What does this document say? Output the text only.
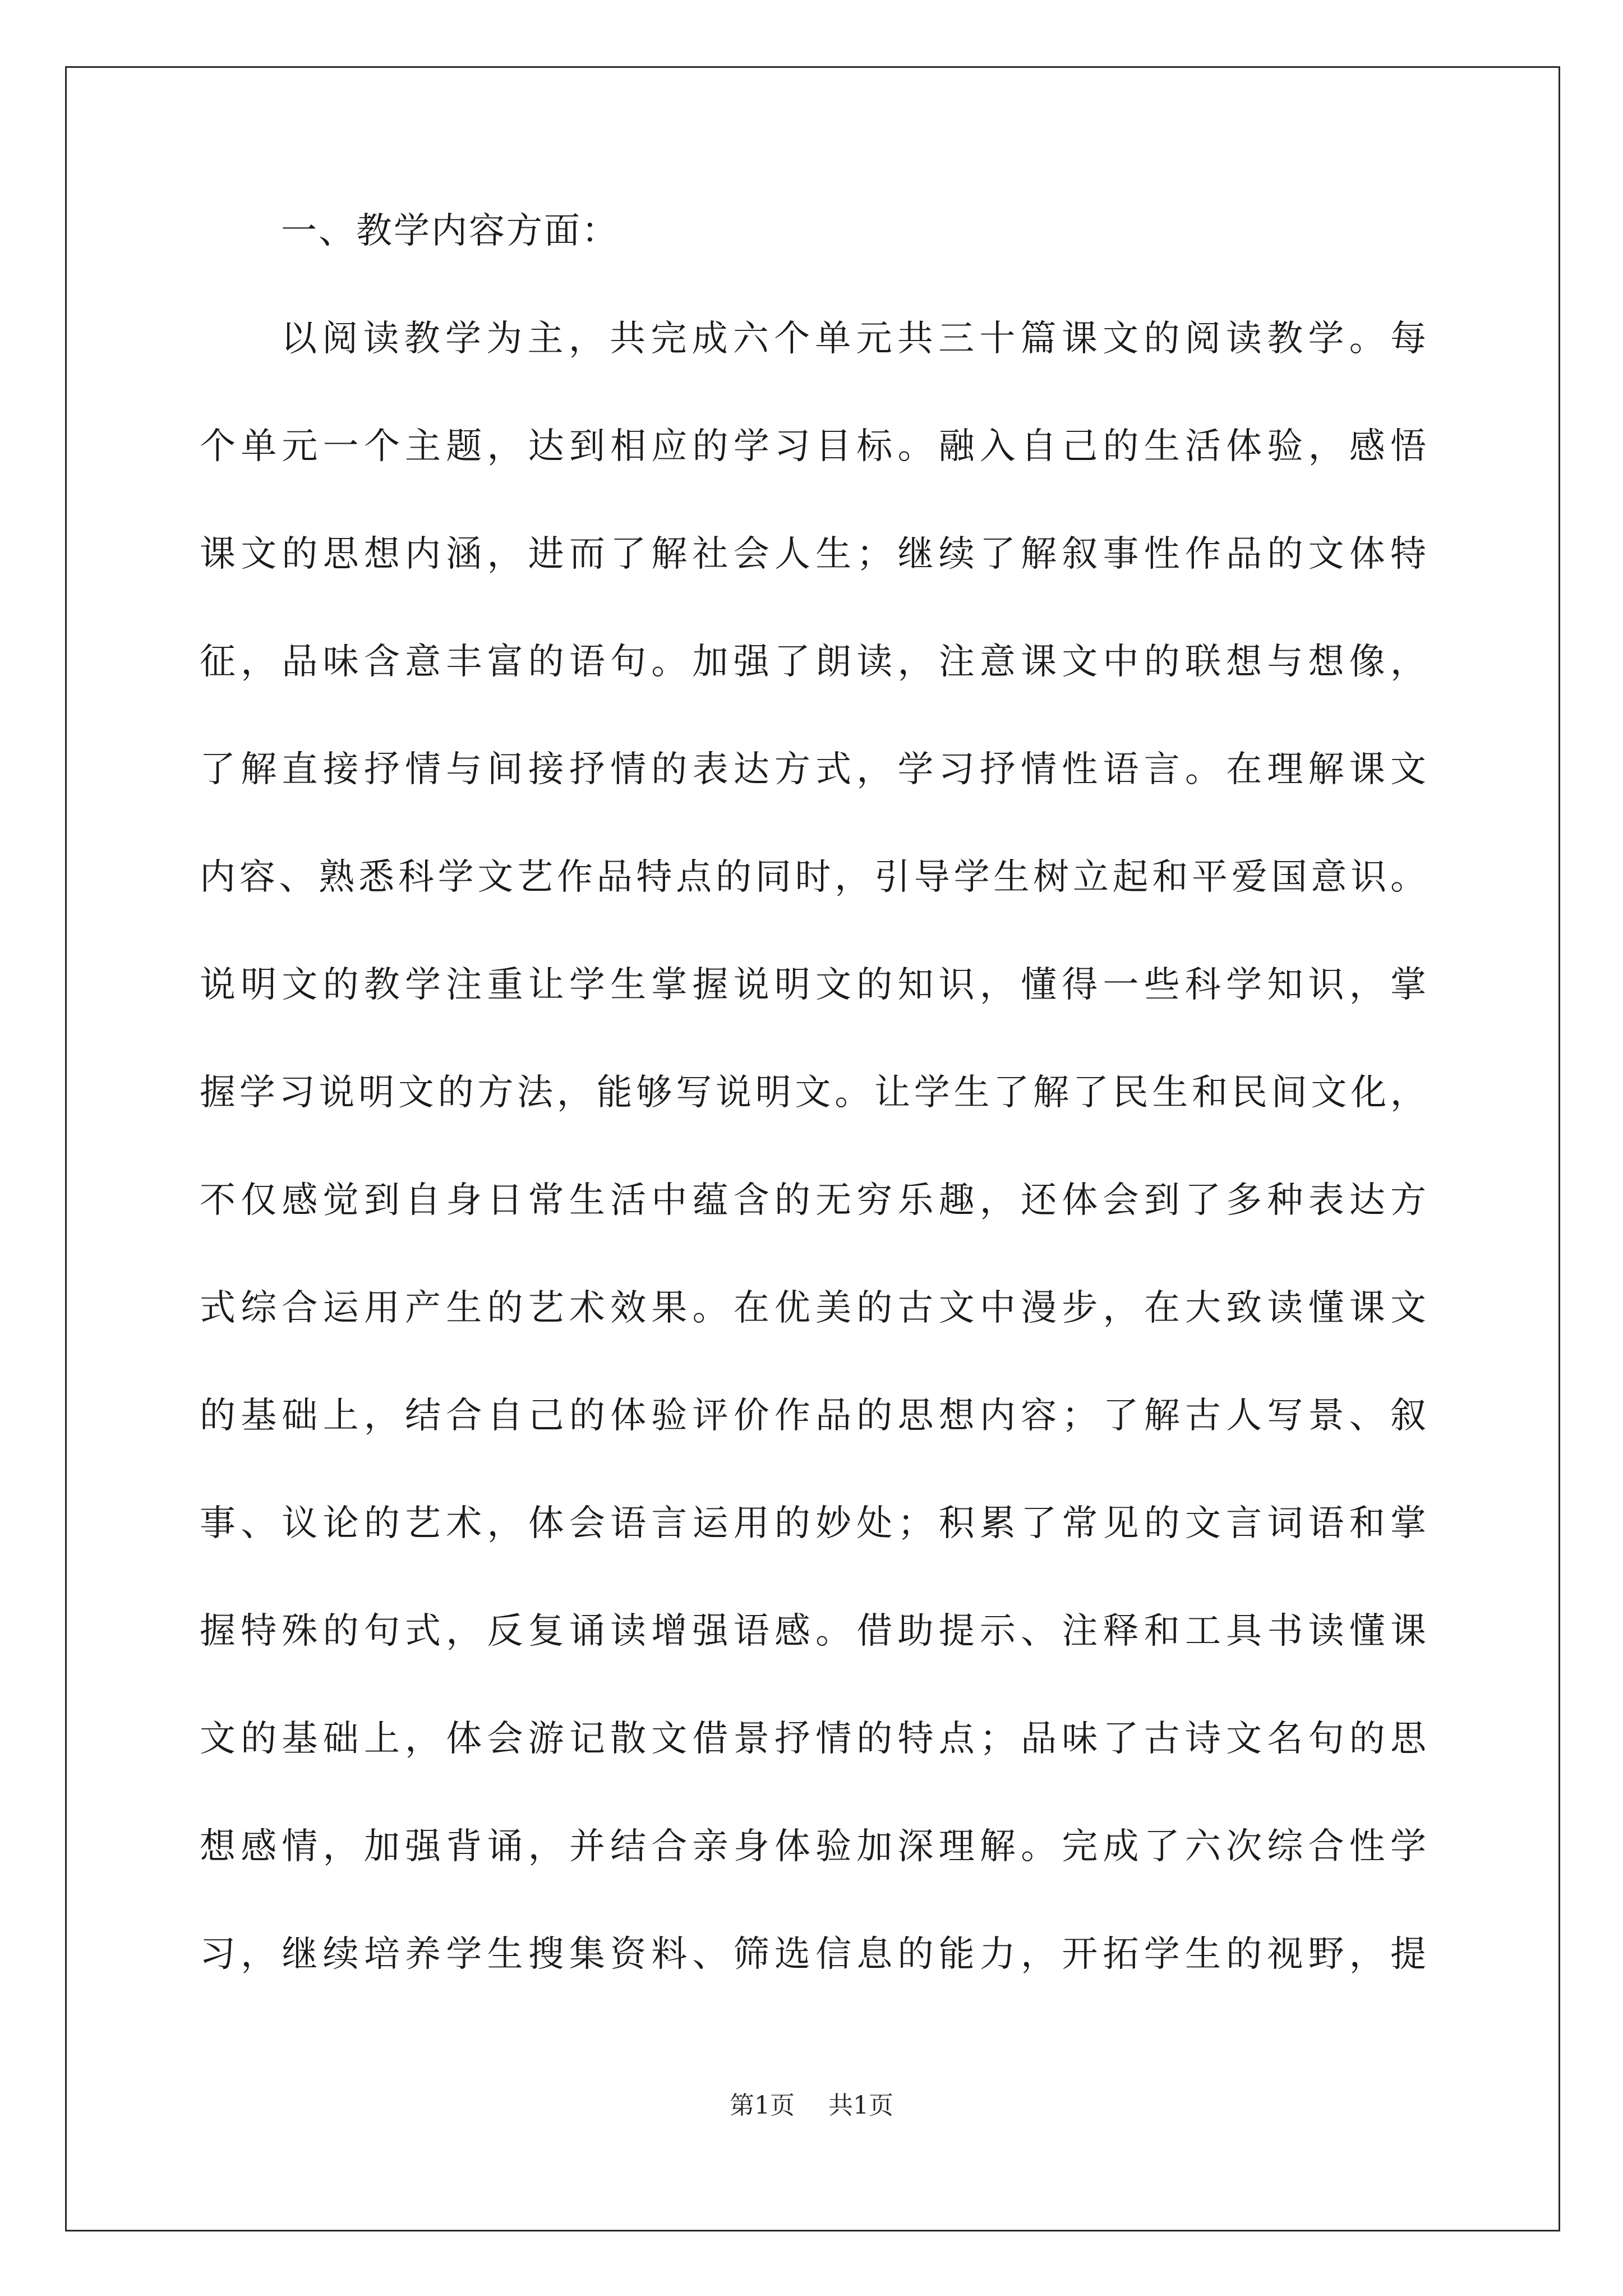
一、教学内容方面：
以阅读教学为主，共完成六个单元共三十篇课文的阅读教学。每
个单元一个主题，达到相应的学习目标。融入自己的生活体验，感悟
课文的思想内涵，进而了解社会人生；继续了解叙事性作品的文体特
征，品味含意丰富的语句。加强了朗读，注意课文中的联想与想像，
了解直接抒情与间接抒情的表达方式，学习抒情性语言。在理解课文
内容、熟悉科学文艺作品特点的同时，引导学生树立起和平爱国意识。
说明文的教学注重让学生掌握说明文的知识，懂得一些科学知识，掌
握学习说明文的方法，能够写说明文。让学生了解了民生和民间文化，
不仅感觉到自身日常生活中蕴含的无穷乐趣，还体会到了多种表达方
式综合运用产生的艺术效果。在优美的古文中漫步，在大致读懂课文
的基础上，结合自己的体验评价作品的思想内容；了解古人写景、叙
事、议论的艺术，体会语言运用的妙处；积累了常见的文言词语和掌
握特殊的句式，反复诵读增强语感。借助提示、注释和工具书读懂课
文的基础上，体会游记散文借景抒情的特点；品味了古诗文名句的思
想感情，加强背诵，并结合亲身体验加深理解。完成了六次综合性学
习，继续培养学生搜集资料、筛选信息的能力，开拓学生的视野，提
第1页 共1页
